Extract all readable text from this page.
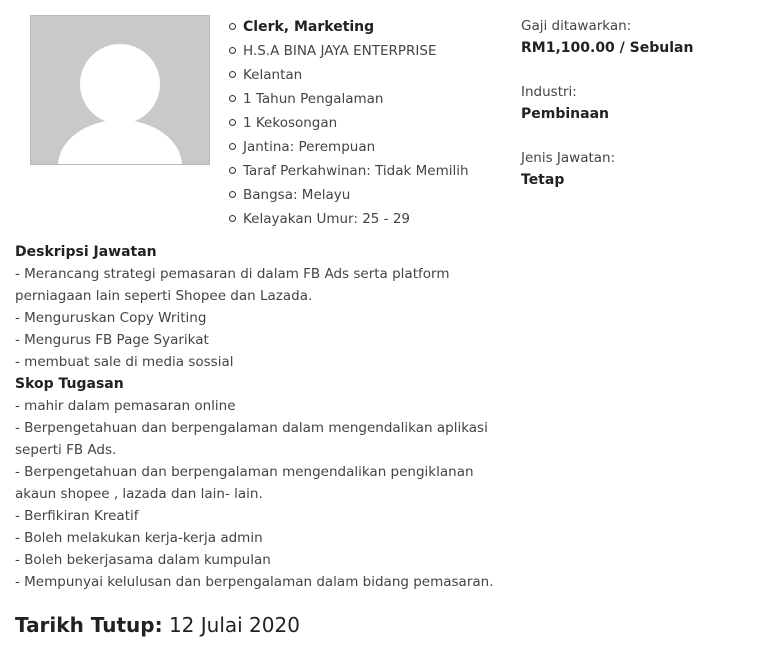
Clerk, Marketing
H.S.A BINA JAYA ENTERPRISE
Kelantan
1 Tahun Pengalaman
1 Kekosongan
Jantina: Perempuan
Taraf Perkahwinan: Tidak Memilih
Bangsa: Melayu
Kelayakan Umur: 25 - 29
Gaji ditawarkan:
RM1,100.00 / Sebulan
Industri:
Pembinaan
Jenis Jawatan:
Tetap
Deskripsi Jawatan

- Merancang strategi pemasaran di dalam FB Ads serta platform perniagaan lain seperti Shopee dan Lazada.

- Menguruskan Copy Writing

- Mengurus FB Page Syarikat

- membuat sale di media sossial

Skop Tugasan

- mahir dalam pemasaran online

- Berpengetahuan dan berpengalaman dalam mengendalikan aplikasi seperti FB Ads.

- Berpengetahuan dan berpengalaman mengendalikan pengiklanan akaun shopee , lazada dan lain- lain.

- Berfikiran Kreatif

- Boleh melakukan kerja-kerja admin

- Boleh bekerjasama dalam kumpulan

- Mempunyai kelulusan dan berpengalaman dalam bidang pemasaran.

Tarikh Tutup: 12 Julai 2020
